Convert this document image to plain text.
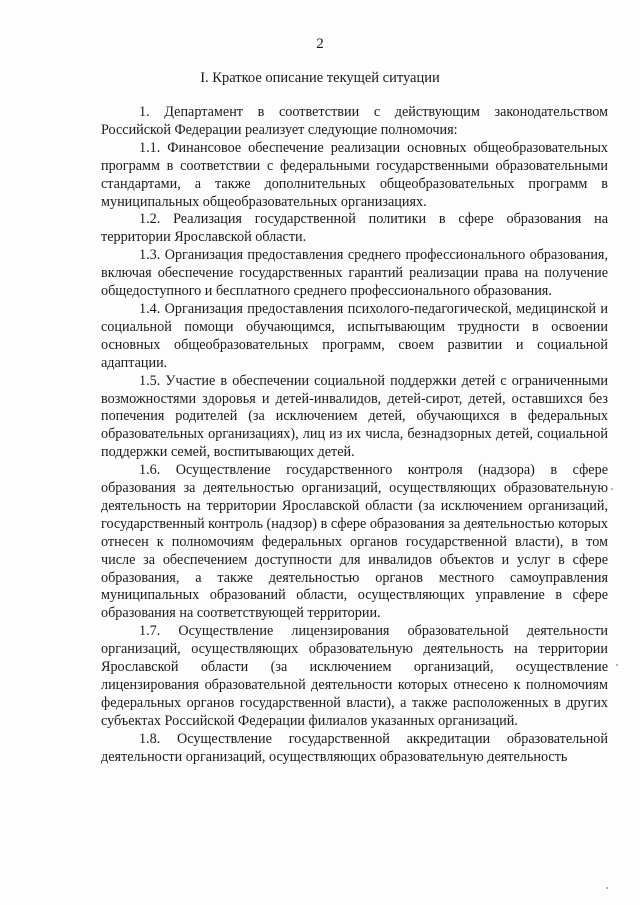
2
I. Краткое описание текущей ситуации

1. Департамент в соответствии с действующим законодательством Российской Федерации реализует следующие полномочия:

1.1. Финансовое обеспечение реализации основных общеобразовательных программ в соответствии с федеральными государственными образовательными стандартами, а также дополнительных общеобразовательных программ в муниципальных общеобразовательных организациях.

1.2. Реализация государственной политики в сфере образования на территории Ярославской области.

1.3. Организация предоставления среднего профессионального образования, включая обеспечение государственных гарантий реализации права на получение общедоступного и бесплатного среднего профессионального образования.

1.4. Организация предоставления психолого-педагогической, медицинской и социальной помощи обучающимся, испытывающим трудности в освоении основных общеобразовательных программ, своем развитии и социальной адаптации.

1.5. Участие в обеспечении социальной поддержки детей с ограниченными возможностями здоровья и детей-инвалидов, детей-сирот, детей, оставшихся без попечения родителей (за исключением детей, обучающихся в федеральных образовательных организациях), лиц из их числа, безнадзорных детей, социальной поддержки семей, воспитывающих детей.

1.6. Осуществление государственного контроля (надзора) в сфере образования за деятельностью организаций, осуществляющих образовательную деятельность на территории Ярославской области (за исключением организаций, государственный контроль (надзор) в сфере образования за деятельностью которых отнесен к полномочиям федеральных органов государственной власти), в том числе за обеспечением доступности для инвалидов объектов и услуг в сфере образования, а также деятельностью органов местного самоуправления муниципальных образований области, осуществляющих управление в сфере образования на соответствующей территории.

1.7. Осуществление лицензирования образовательной деятельности организаций, осуществляющих образовательную деятельность на территории Ярославской области (за исключением организаций, осуществление лицензирования образовательной деятельности которых отнесено к полномочиям федеральных органов государственной власти), а также расположенных в других субъектах Российской Федерации филиалов указанных организаций.

1.8. Осуществление государственной аккредитации образовательной деятельности организаций, осуществляющих образовательную деятельность
